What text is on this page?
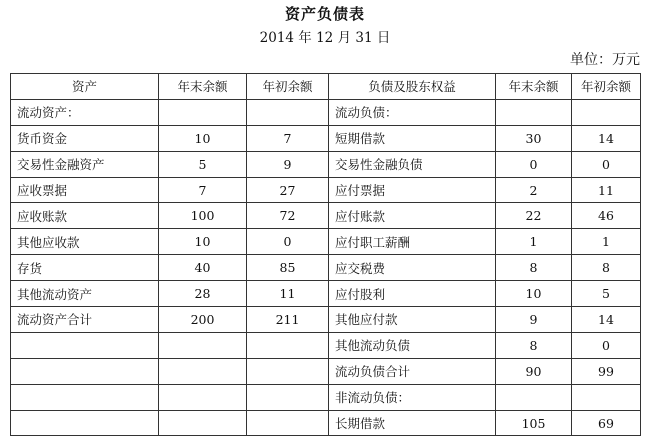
资产负债表
2014 年 12 月 31 日
单位：万元
资产	年末余额	年初余额	负债及股东权益	年末余额	年初余额
流动资产：			流动负债：		
货币资金	10	7	短期借款	30	14
交易性金融资产	5	9	交易性金融负债	0	0
应收票据	7	27	应付票据	2	11
应收账款	100	72	应付账款	22	46
其他应收款	10	0	应付职工薪酬	1	1
存货	40	85	应交税费	8	8
其他流动资产	28	11	应付股利	10	5
流动资产合计	200	211	其他应付款	9	14
			其他流动负债	8	0
			流动负债合计	90	99
			非流动负债：		
			长期借款	105	69
